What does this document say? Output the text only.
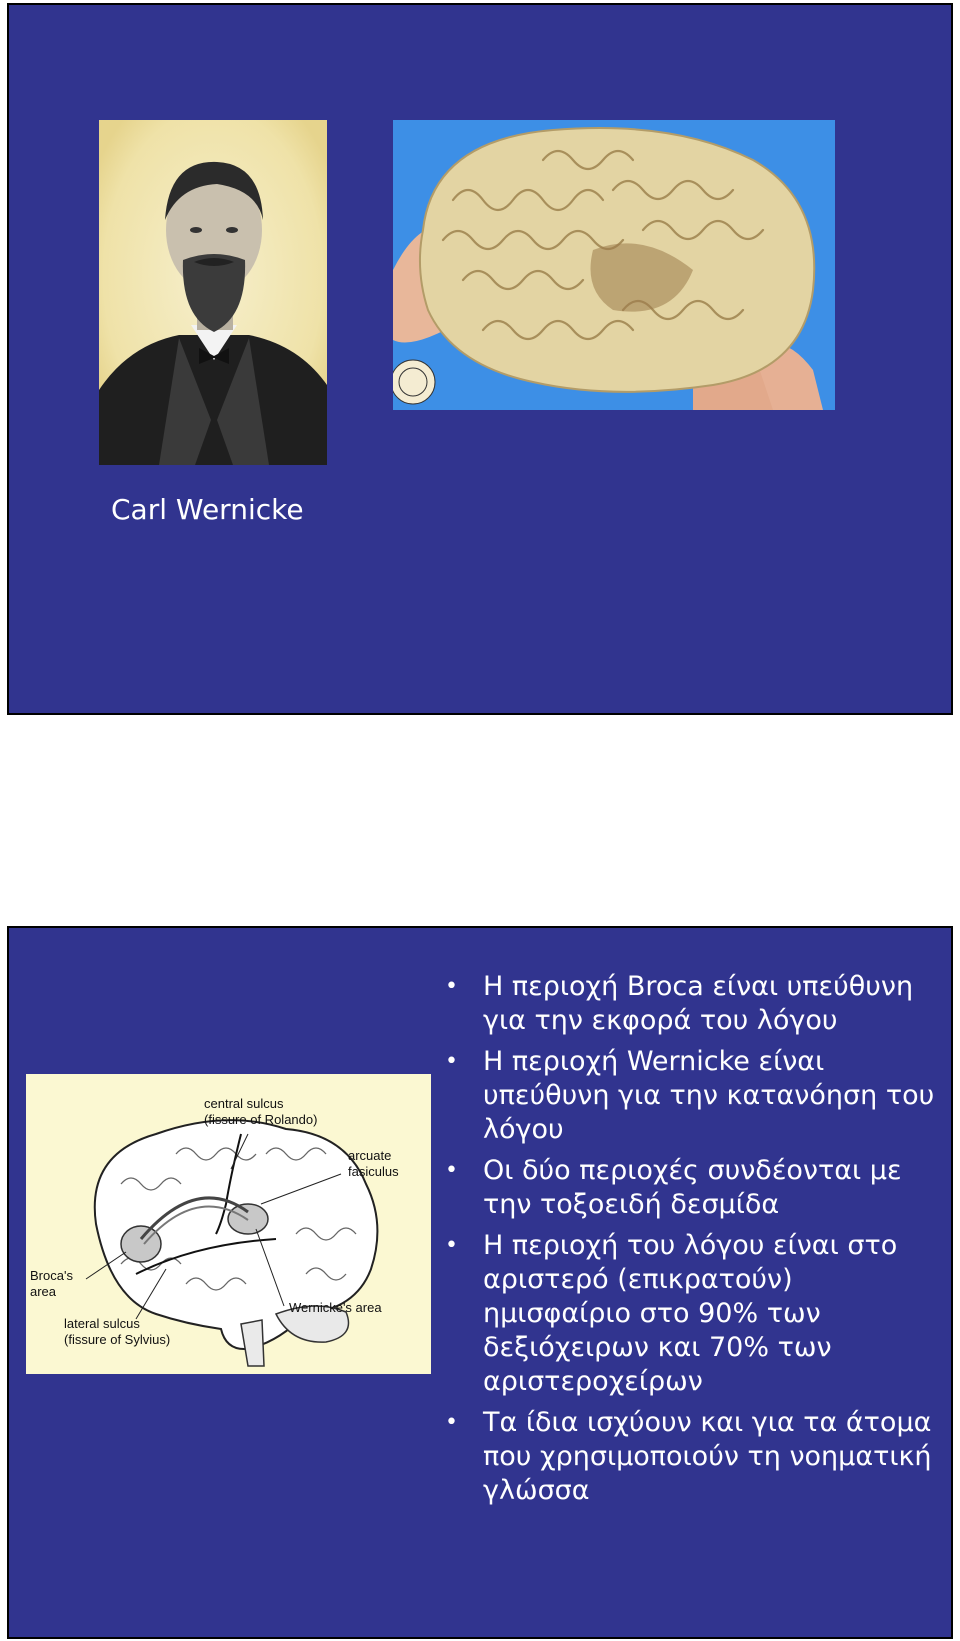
Carl Wernicke
central sulcus
(fissure of Rolando)
arcuate
fasiculus
Broca's
area
Wernicke's area
lateral sulcus
(fissure of Sylvius)
• Η περιοχή Broca είναι υπεύθυνη για την εκφορά του λόγου
• Η περιοχή Wernicke είναι υπεύθυνη για την κατανόηση του λόγου
• Οι δύο περιοχές συνδέονται με την τοξοειδή δεσμίδα
• Η περιοχή του λόγου είναι στο αριστερό (επικρατούν) ημισφαίριο στο 90% των δεξιόχειρων και 70% των αριστεροχείρων
• Τα ίδια ισχύουν και για τα άτομα που χρησιμοποιούν τη νοηματική γλώσσα
